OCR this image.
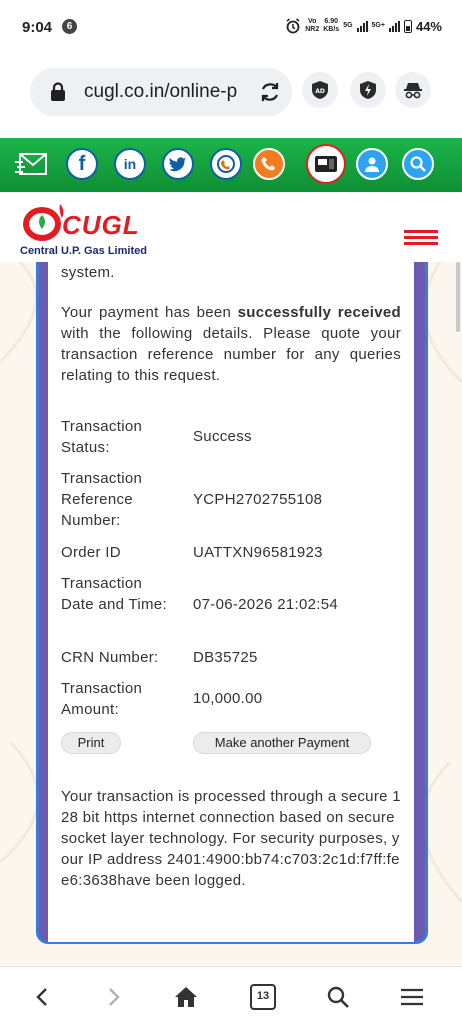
9:04	6	Vo
NR2
6.90
KB/s
5G	5G+ 44%
cugl.co.in/online-p	AD
f	in
CUGL
Central U.P. Gas Limited
system.
Your payment has been successfully received with the following details. Please quote your transaction reference number for any queries relating to this request.
Transaction Status:
Success
Transaction Reference Number:
YCPH2702755108
Order ID	UATTXN96581923
Transaction Date and Time: 07-06-2026 21:02:54
CRN Number:	DB35725
Transaction Amount:
10,000.00
Print	Make another Payment
Your transaction is processed through a secure 128 bit https internet connection based on secure socket layer technology. For security purposes, your IP address 2401:4900:bb74:c703:2c1d:f7ff:fee6:3638have been logged.
13
